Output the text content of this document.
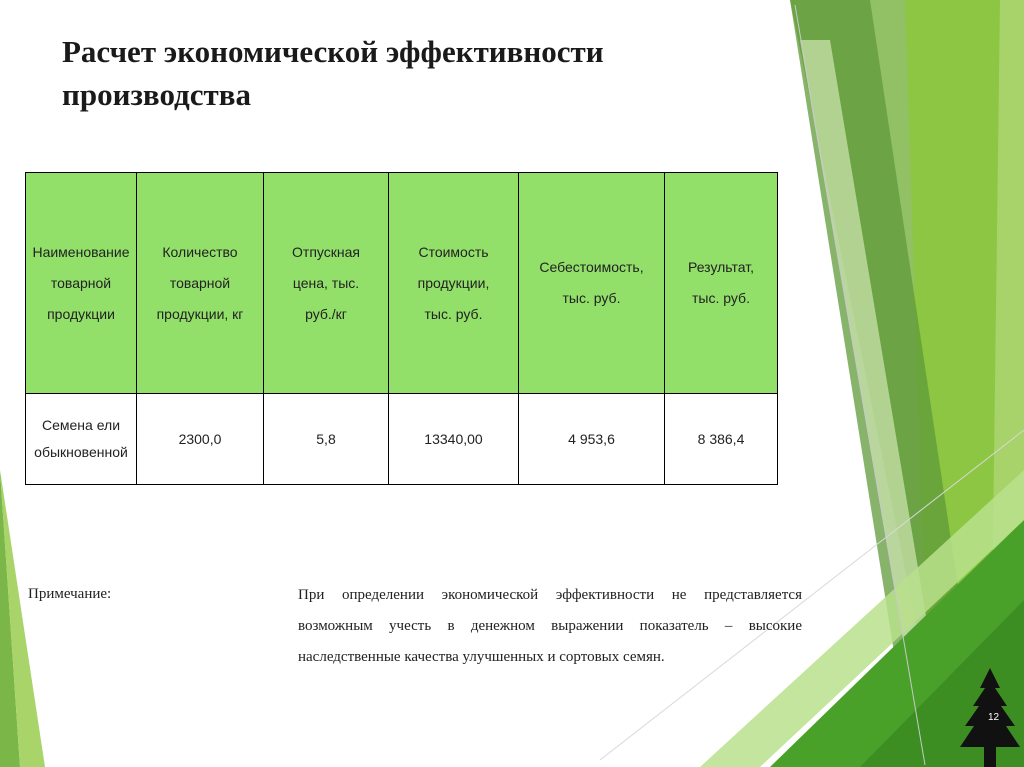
Расчет экономической эффективности производства
Наименование товарной продукции	Количество товарной продукции, кг	Отпускная цена, тыс. руб./кг	Стоимость продукции, тыс. руб.	Себестоимость, тыс. руб.	Результат, тыс. руб.
Семена ели обыкновенной	2300,0	5,8	13340,00	4 953,6	8 386,4
Примечание:	При определении экономической эффективности не представляется возможным учесть в денежном выражении показатель – высокие наследственные качества улучшенных и сортовых семян.
12
